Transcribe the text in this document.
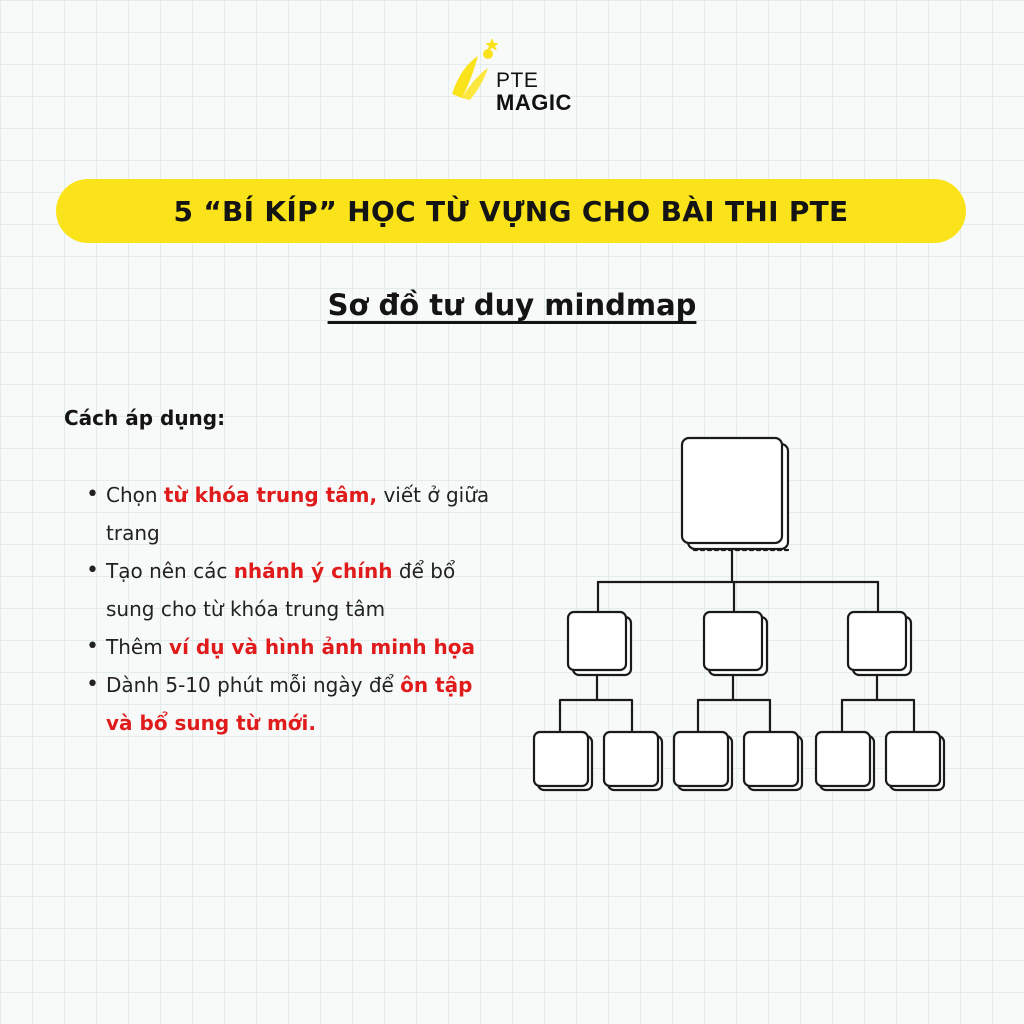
PTE
MAGIC
5 “BÍ KÍP” HỌC TỪ VỰNG CHO BÀI THI PTE
Sơ đồ tư duy mindmap
Cách áp dụng:
• Chọn từ khóa trung tâm, viết ở giữa trang
• Tạo nên các nhánh ý chính để bổ sung cho từ khóa trung tâm
• Thêm ví dụ và hình ảnh minh họa
• Dành 5-10 phút mỗi ngày để ôn tập và bổ sung từ mới.
